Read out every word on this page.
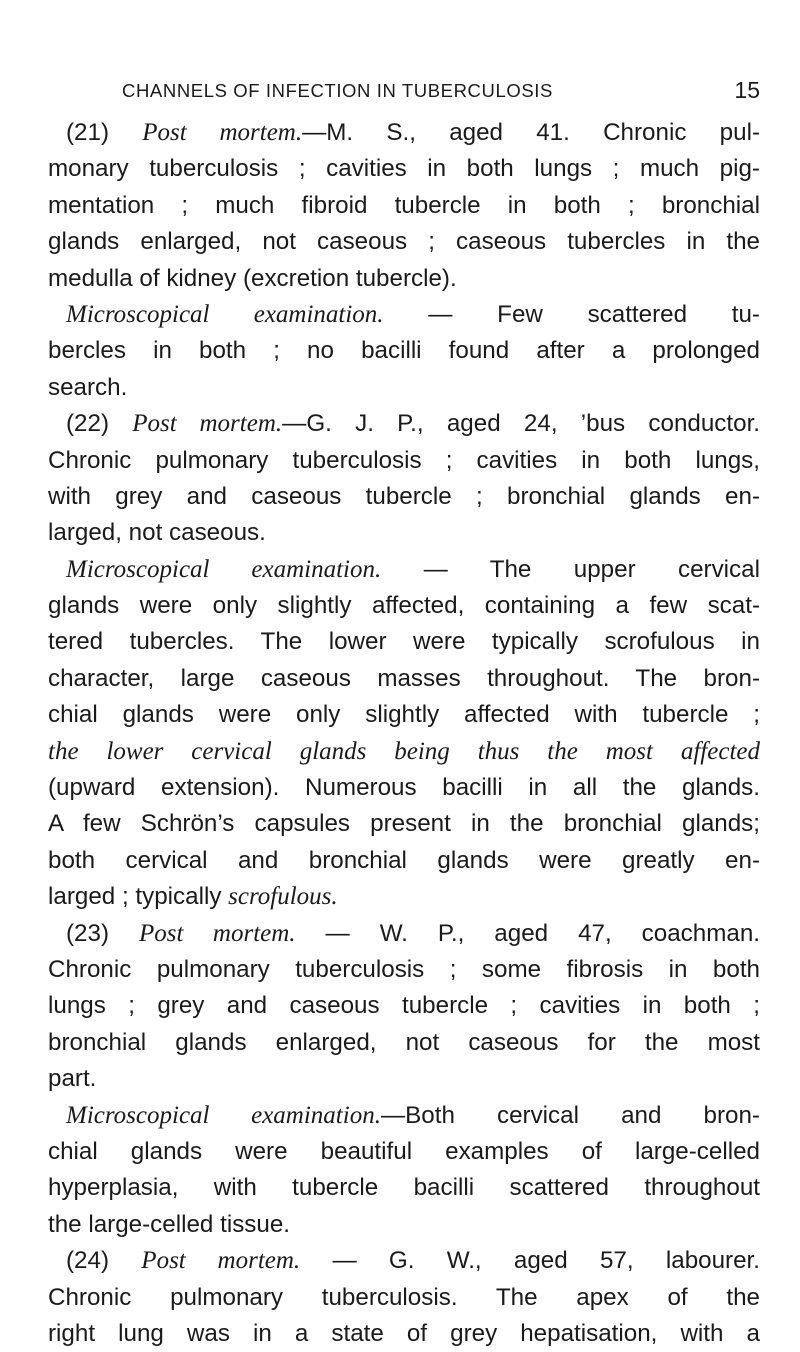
CHANNELS OF INFECTION IN TUBERCULOSIS	15
(21) Post mortem.—M. S., aged 41. Chronic pul-
monary tuberculosis ; cavities in both lungs ; much pig-
mentation ; much fibroid tubercle in both ; bronchial
glands enlarged, not caseous ; caseous tubercles in the
medulla of kidney (excretion tubercle).
Microscopical examination. — Few scattered tu-
bercles in both ; no bacilli found after a prolonged
search.
(22) Post mortem.—G. J. P., aged 24, ’bus conductor.
Chronic pulmonary tuberculosis ; cavities in both lungs,
with grey and caseous tubercle ; bronchial glands en-
larged, not caseous.
Microscopical examination. — The upper cervical
glands were only slightly affected, containing a few scat-
tered tubercles. The lower were typically scrofulous in
character, large caseous masses throughout. The bron-
chial glands were only slightly affected with tubercle ;
the lower cervical glands being thus the most affected
(upward extension). Numerous bacilli in all the glands.
A few Schrön’s capsules present in the bronchial glands;
both cervical and bronchial glands were greatly en-
larged ; typically scrofulous.
(23) Post mortem. — W. P., aged 47, coachman.
Chronic pulmonary tuberculosis ; some fibrosis in both
lungs ; grey and caseous tubercle ; cavities in both ;
bronchial glands enlarged, not caseous for the most
part.
Microscopical examination.—Both cervical and bron-
chial glands were beautiful examples of large-celled
hyperplasia, with tubercle bacilli scattered throughout
the large-celled tissue.
(24) Post mortem. — G. W., aged 57, labourer.
Chronic pulmonary tuberculosis. The apex of the
right lung was in a state of grey hepatisation, with a
